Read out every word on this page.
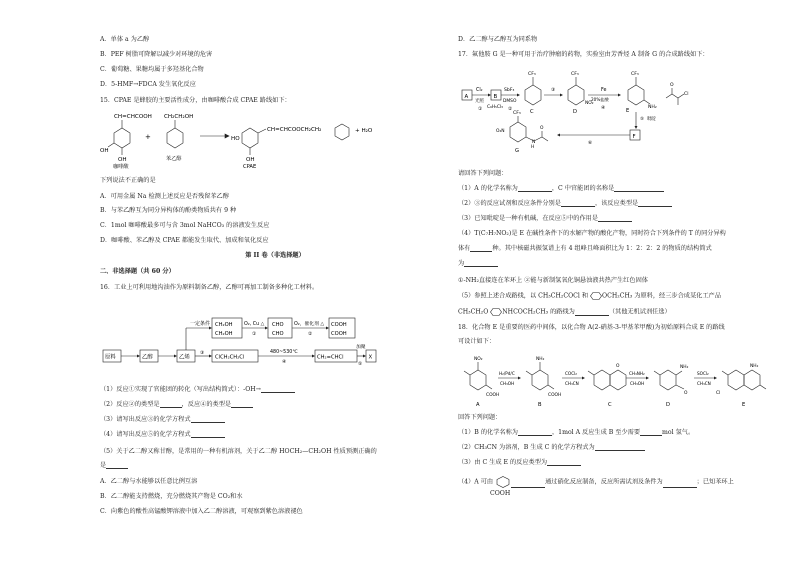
A．单体 a 为乙醇
B．PEF 树脂可降解以减少对环境的危害
C．葡萄糖、果糖均属于多羟基化合物
D．5-HMF→FDCA 发生氧化反应
15．CPAE 是蜂胶的主要活性成分，由咖啡酸合成 CPAE 路线如下：
CH=CHCOOH
OH
OH
咖啡酸
+
CH₂CH₂OH
苯乙醇
HO
CH=CHCOOCH₂CH₂
OH
CPAE
+ H₂O
下列说法不正确的是
A．可用金属 Na 检测上述反应是否残留苯乙醇
B．与苯乙醇互为同分异构体的酚类物质共有 9 种
C．1mol 咖啡酸最多可与含 3mol NaHCO₃ 的溶液发生反应
D．咖啡酸、苯乙醇及 CPAE 都能发生取代、加成和氧化反应
第 II 卷（非选择题）
二、非选择题（共 60 分）
16．工业上可利用地沟油作为原料制备乙醇，乙醇可再加工制备多种化工材料。
原料	乙醇	乙烯
一定条件 CH₂OH
CH₂OH
O₂, Cu △
①
CHO
CHO
O₂，催化剂 △
②
COOH
COOH
③
ClCH₂CH₂Cl
480~530℃
④
CH₂=CHCl
加聚
⑤
X
（1）反应①实现了官能团的转化（写出结构简式）：-OH→
（2）反应②的类型是	，反应④的类型是
（3）请写出反应③的化学方程式
（4）请写出反应⑤的化学方程式
（5）关于乙二醇又称甘醇，是常用的一种有机溶剂，关于乙二醇 HOCH₂—CH₂OH 性质预测正确的
是
A．乙二醇与水能够以任意比例互溶
B．乙二醇能支持燃烧，充分燃烧其产物是 CO₂和水
C．向紫色的酸性高锰酸钾溶液中加入乙二醇溶液，可观察到紫色溶液褪色
D．乙二醇与乙醇互为同系物
17．氟他胺 G 是一种可用于治疗肿瘤的药物，实验室由芳香烃 A 制备 G 的合成路线如下：
A
Cl₂
光照
①
B
C₆H₅Cl₃
SbF₃
DMSO
②
CF₃
C
③
CF₃
NO₂
D
Fe
20%盐酸
④
CF₃
NH₂
E
⑤ 吡啶
O
Cl
F
⑥
CF₃
O₂N
H
N
O
G
请回答下列问题：
（1）A 的化学名称为	，C 中官能团的名称是
（2）③的反应试剂和反应条件分别是	，该反应类型是
（3）已知吡啶是一种有机碱，在反应⑤中的作用是
（4）T(C₇H₇NO₂)是 E 在碱性条件下的水解产物的酸化产物，同时符合下列条件的 T 的同分异构
体有	种。其中核磁共振氢谱上有 4 组峰且峰面积比为 1：2：2：2 的物质的结构简式
为
①-NH₂直接连在苯环上 ②能与新制氢氧化铜悬浊液共热产生红色固体
（5）参照上述合成路线，以 CH₃CH₂COCl 和 OCH₂CH₃ 为原料，经三步合成某化工产品
CH₃CH₂O NHCOCH₂CH₃ 的路线为	（其他无机试剂任选）
18．化合物 E 是重要的医药中间体，以化合物 A(2-硝基-3-甲基苯甲酸)为初始原料合成 E 的路线
可设计如下：
NO₂
COOH
A
H₂/Pd/C
CH₃OH
NH₂
COOH
B
COCl₂
CH₃CN
O
C
CH₃NH₂
CH₃OH
NH₂
O
D
SOCl₂
CH₃CN
NH₂
Cl
E
回答下列问题：
（1）B 的化学名称为	，1mol A 反应生成 B 至少需要	mol 氢气。
（2）CH₃CN 为溶剂，B 生成 C 的化学方程式为
（3）由 C 生成 E 的反应类型为
（4）A 可由	通过硝化反应制备，反应所需试剂及条件为	；已知苯环上
COOH
